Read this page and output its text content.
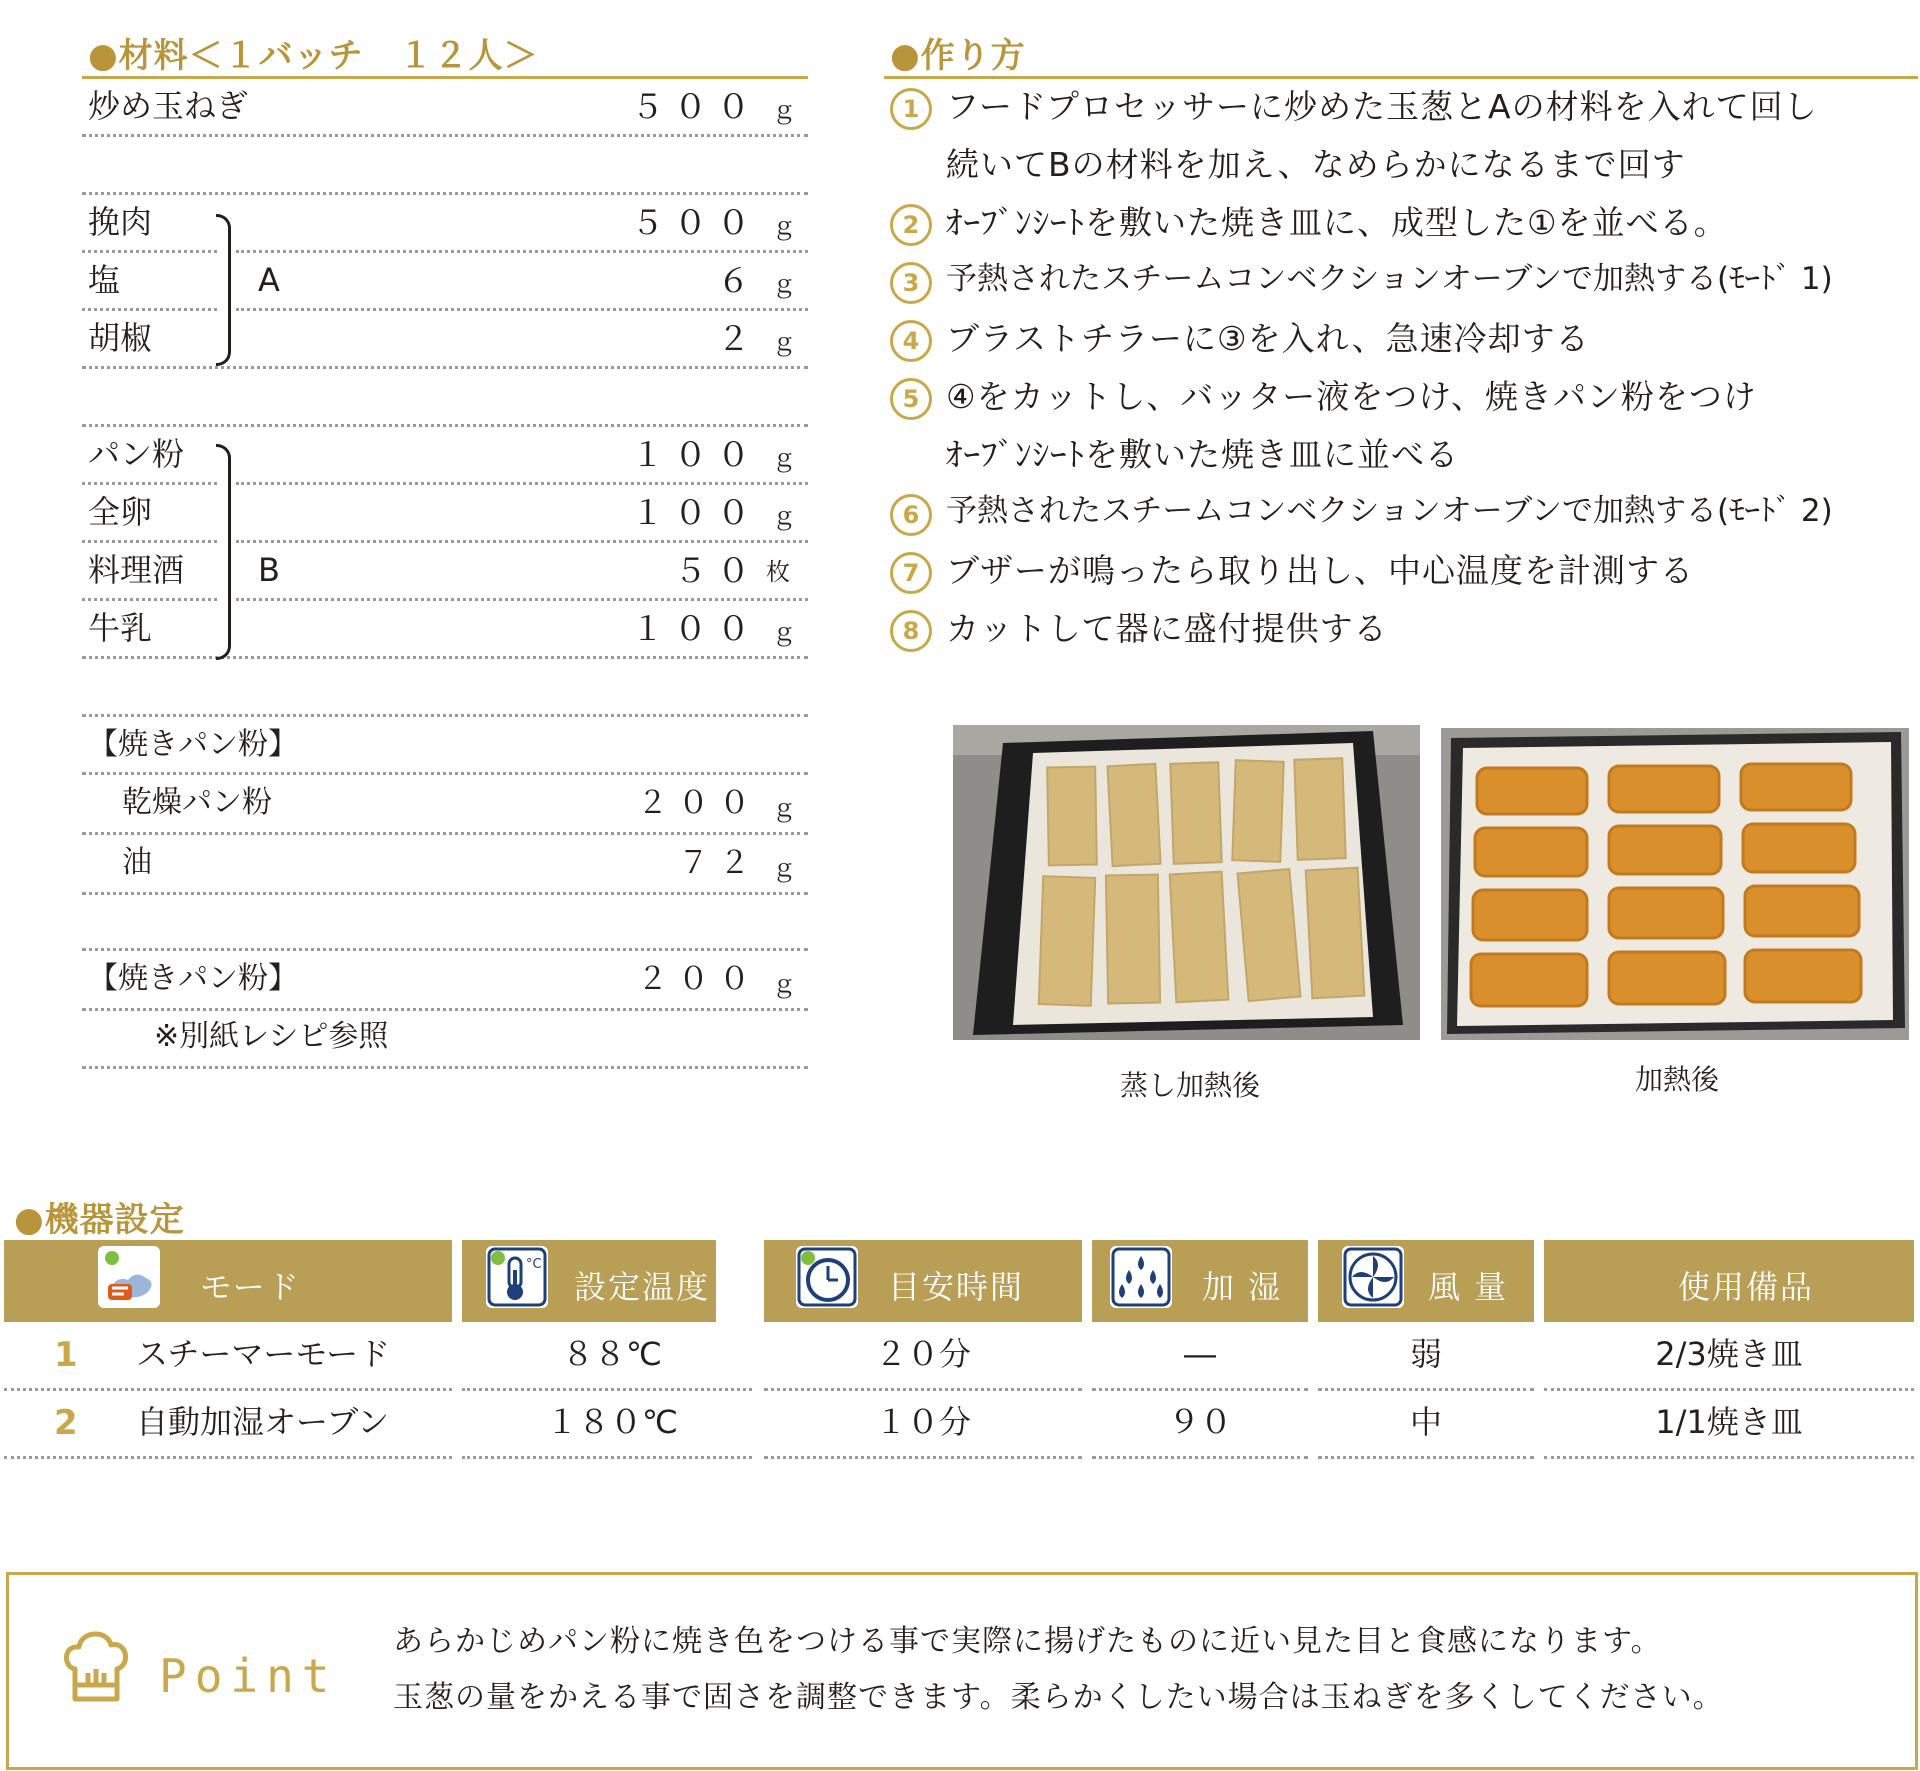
●材料＜１バッチ　１２人＞
炒め玉ねぎ	５００ ｇ
挽肉	５００ ｇ
塩	A	６ ｇ
胡椒	２ ｇ
パン粉	１００ ｇ
全卵	１００ ｇ
料理酒 B	５０ 枚
牛乳	１００ ｇ
【焼きパン粉】
乾燥パン粉	２００ ｇ
油	７２ ｇ
【焼きパン粉】	２００ ｇ
※別紙レシピ参照
●作り方
1 フードプロセッサーに炒めた玉葱とAの材料を入れて回し
続いてBの材料を加え、なめらかになるまで回す
2 ｵｰﾌﾞﾝｼｰﾄを敷いた焼き皿に、成型した①を並べる。
3 予熱されたスチームコンベクションオーブンで加熱する(ﾓｰﾄﾞ 1)
4 ブラストチラーに③を入れ、急速冷却する
5 ④をカットし、バッター液をつけ、焼きパン粉をつけ
ｵｰﾌﾞﾝｼｰﾄを敷いた焼き皿に並べる
6 予熱されたスチームコンベクションオーブンで加熱する(ﾓｰﾄﾞ 2)
7 ブザーが鳴ったら取り出し、中心温度を計測する
8 カットして器に盛付提供する
蒸し加熱後	加熱後
●機器設定
モード
°C
設定温度	目安時間	加 湿	風 量	使用備品
1 スチーマーモード	８８℃	２０分	―	弱	2/3焼き皿
2 自動加湿オーブン	１８０℃	１０分	９０	中	1/1焼き皿
Point
あらかじめパン粉に焼き色をつける事で実際に揚げたものに近い見た目と食感になります。
玉葱の量をかえる事で固さを調整できます。柔らかくしたい場合は玉ねぎを多くしてください。
